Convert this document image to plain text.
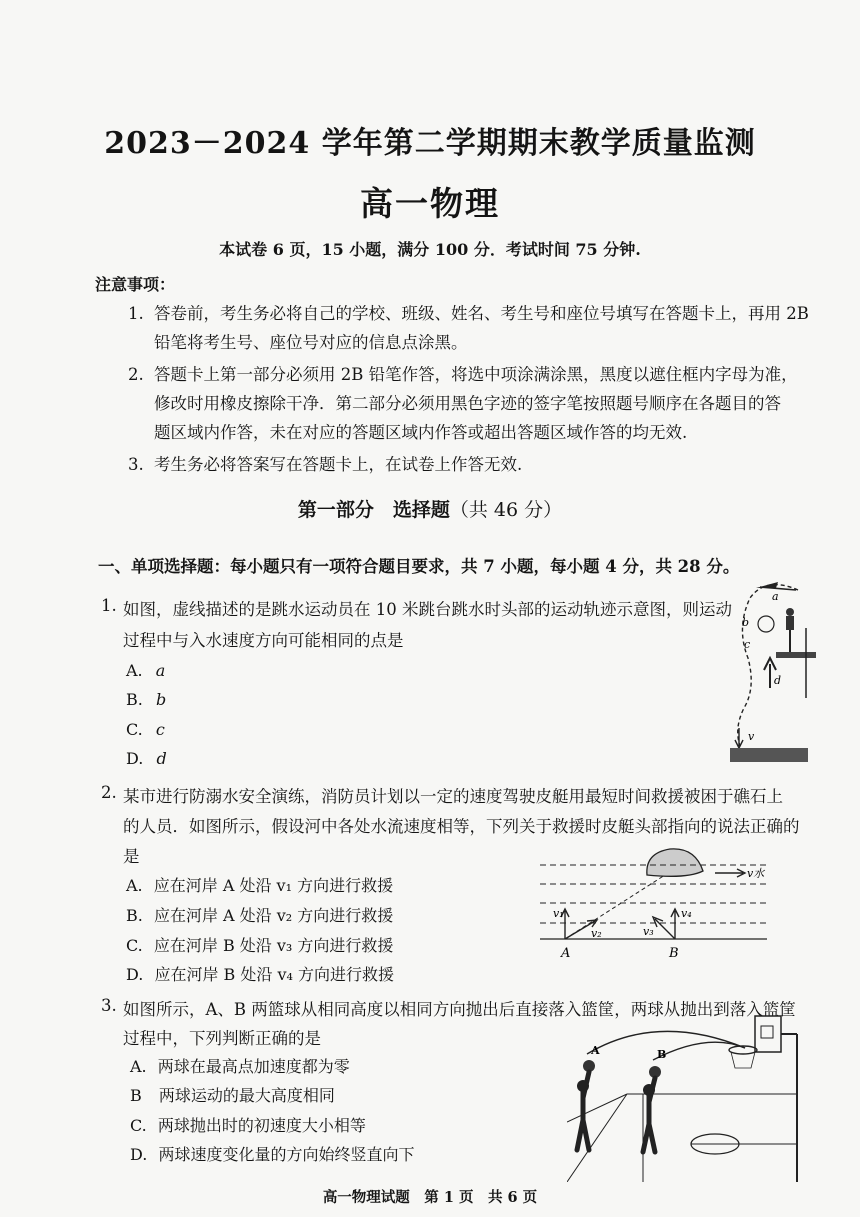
2023－2024 学年第二学期期末教学质量监测
高一物理
本试卷 6 页，15 小题，满分 100 分．考试时间 75 分钟.
注意事项：
1. 答卷前，考生务必将自己的学校、班级、姓名、考生号和座位号填写在答题卡上，再用 2B
铅笔将考生号、座位号对应的信息点涂黑。
2. 答题卡上第一部分必须用 2B 铅笔作答，将选中项涂满涂黑，黑度以遮住框内字母为准，
修改时用橡皮擦除干净．第二部分必须用黑色字迹的签字笔按照题号顺序在各题目的答
题区域内作答，未在对应的答题区域内作答或超出答题区域作答的均无效.
3. 考生务必将答案写在答题卡上，在试卷上作答无效.
第一部分　选择题（共 46 分）
一、单项选择题：每小题只有一项符合题目要求，共 7 小题，每小题 4 分，共 28 分。
1. 如图，虚线描述的是跳水运动员在 10 米跳台跳水时头部的运动轨迹示意图，则运动
过程中与入水速度方向可能相同的点是
A. a
B. b
C. c
D. d
a
b
c
d
v
2. 某市进行防溺水安全演练，消防员计划以一定的速度驾驶皮艇用最短时间救援被困于礁石上
的人员．如图所示，假设河中各处水流速度相等，下列关于救援时皮艇头部指向的说法正确的
是
A. 应在河岸 A 处沿 v₁ 方向进行救援
B. 应在河岸 A 处沿 v₂ 方向进行救援
C. 应在河岸 B 处沿 v₃ 方向进行救援
D. 应在河岸 B 处沿 v₄ 方向进行救援
v水
v₁
v₂	v₃
v₄
A	B
3. 如图所示，A、B 两篮球从相同高度以相同方向抛出后直接落入篮筐，两球从抛出到落入篮筐
过程中，下列判断正确的是
A. 两球在最高点加速度都为零
B 两球运动的最大高度相同
C. 两球抛出时的初速度大小相等
D. 两球速度变化量的方向始终竖直向下
A	B
高一物理试题　第 1 页　共 6 页
